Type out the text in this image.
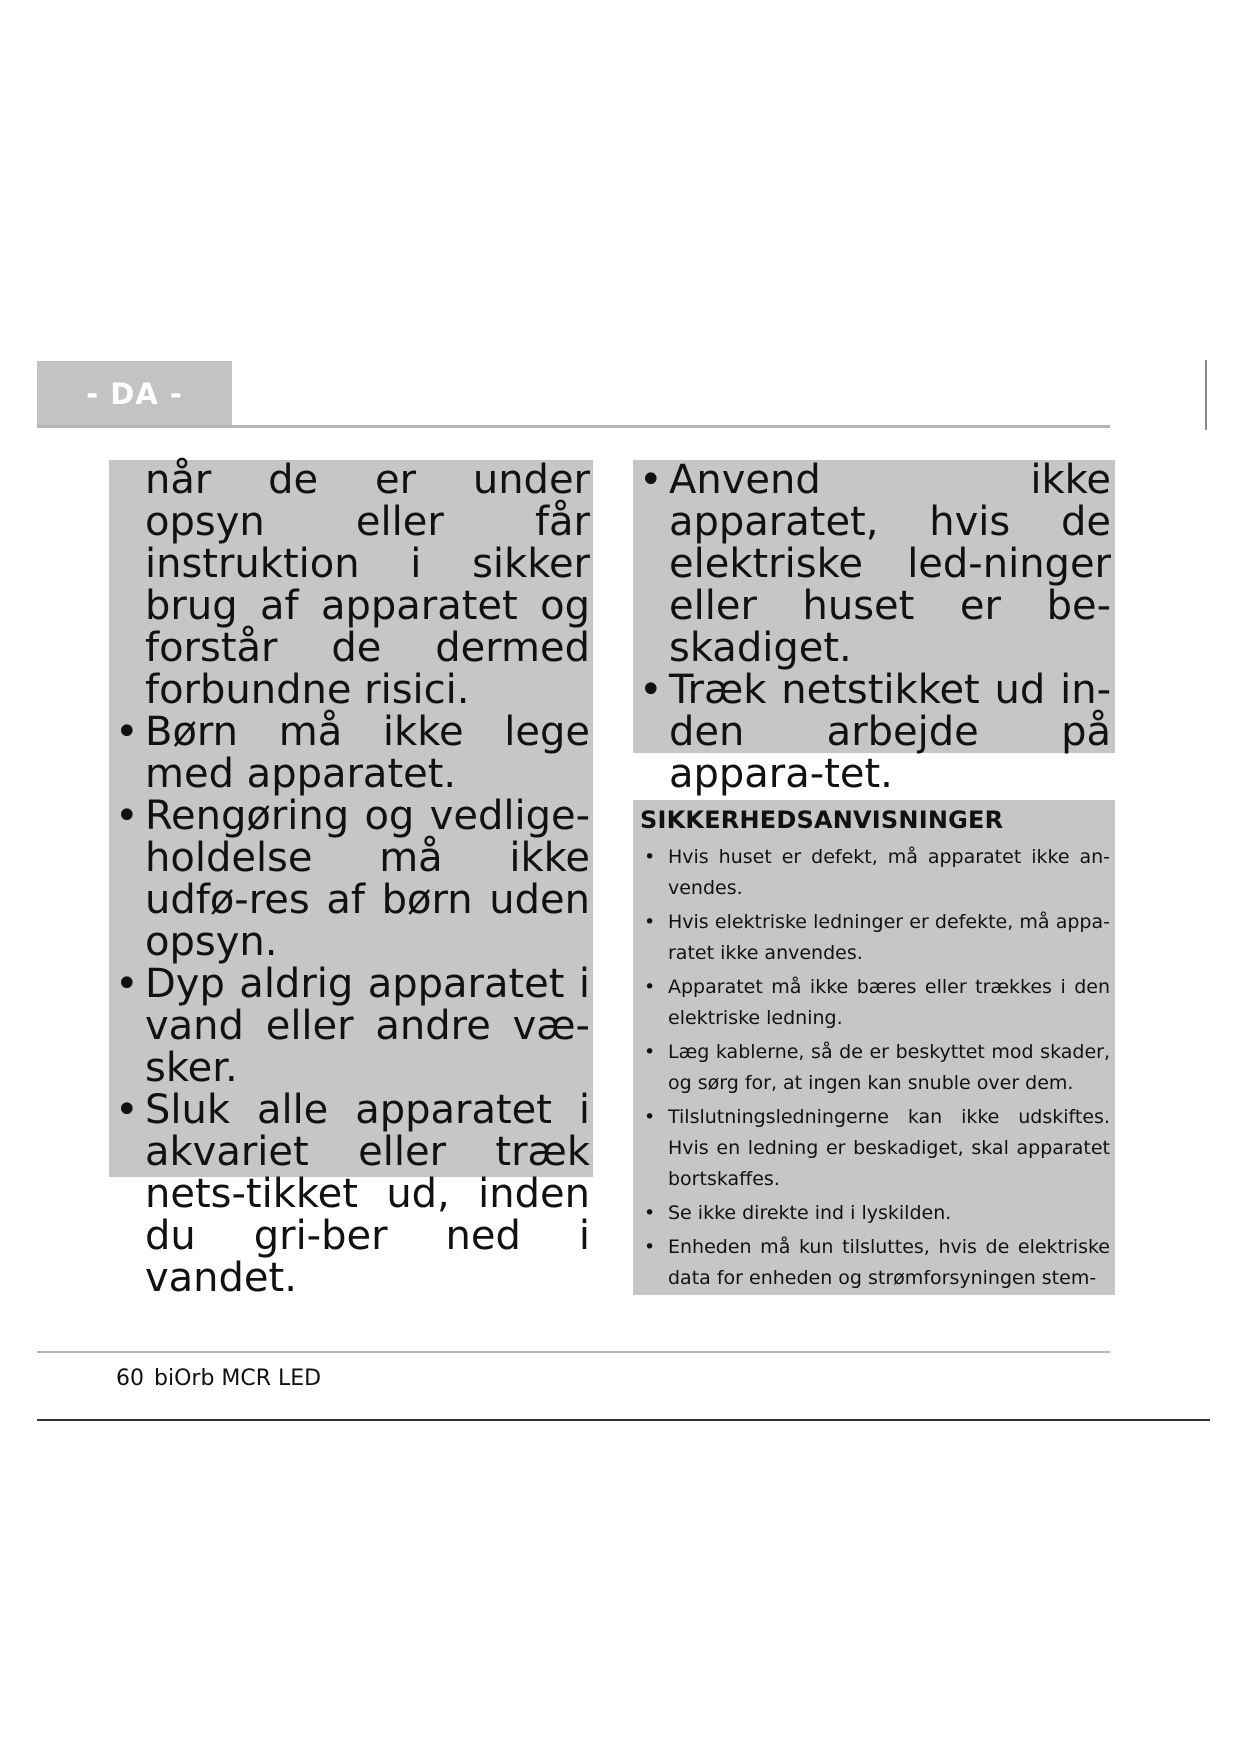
- DA -

når de er under opsyn eller får instruktion i sikker brug af apparatet og forstår de dermed forbundne risici.

• Børn må ikke lege med apparatet.
• Rengøring og vedlige-holdelse må ikke udfø-res af børn uden opsyn.
• Dyp aldrig apparatet i vand eller andre væ-sker.
• Sluk alle apparatet i akvariet eller træk nets-tikket ud, inden du gri-ber ned i vandet.
• Anvend ikke apparatet, hvis de elektriske led-ninger eller huset er be-skadiget.
• Træk netstikket ud in-den arbejde på appara-tet.
SIKKERHEDSANVISNINGER
• Hvis huset er defekt, må apparatet ikke an-vendes.
• Hvis elektriske ledninger er defekte, må appa-ratet ikke anvendes.
• Apparatet må ikke bæres eller trækkes i den elektriske ledning.
• Læg kablerne, så de er beskyttet mod skader, og sørg for, at ingen kan snuble over dem.
• Tilslutningsledningerne kan ikke udskiftes. Hvis en ledning er beskadiget, skal apparatet bortskaffes.
• Se ikke direkte ind i lyskilden.
• Enheden må kun tilsluttes, hvis de elektriske data for enheden og strømforsyningen stem-
60 biOrb MCR LED
